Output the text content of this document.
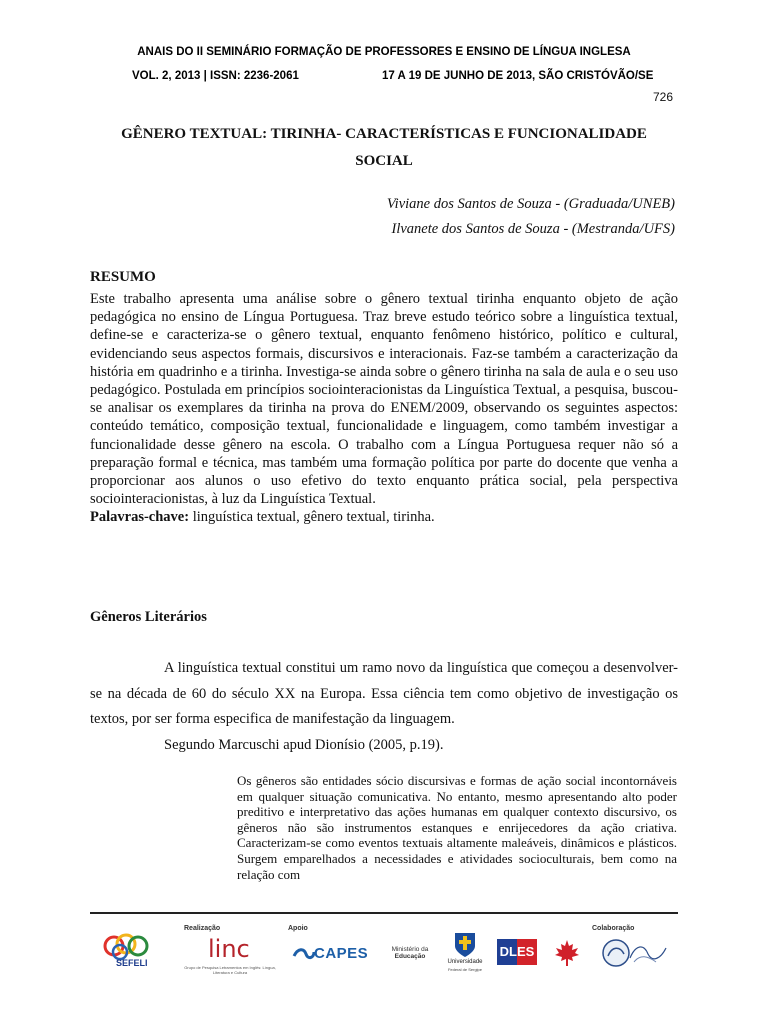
ANAIS DO II SEMINÁRIO FORMAÇÃO DE PROFESSORES E ENSINO DE LÍNGUA INGLESA
VOL. 2, 2013 | ISSN: 2236-2061	17 A 19 DE JUNHO DE 2013, SÃO CRISTÓVÃO/SE
726
GÊNERO TEXTUAL: TIRINHA- CARACTERÍSTICAS E FUNCIONALIDADE
SOCIAL
Viviane dos Santos de Souza - (Graduada/UNEB)
Ilvanete dos Santos de Souza - (Mestranda/UFS)
RESUMO
Este trabalho apresenta uma análise sobre o gênero textual tirinha enquanto objeto de ação pedagógica no ensino de Língua Portuguesa. Traz breve estudo teórico sobre a linguística textual, define-se e caracteriza-se o gênero textual, enquanto fenômeno histórico, político e cultural, evidenciando seus aspectos formais, discursivos e interacionais. Faz-se também a caracterização da história em quadrinho e a tirinha. Investiga-se ainda sobre o gênero tirinha na sala de aula e o seu uso pedagógico. Postulada em princípios sociointeracionistas da Linguística Textual, a pesquisa, buscou-se analisar os exemplares da tirinha na prova do ENEM/2009, observando os seguintes aspectos: conteúdo temático, composição textual, funcionalidade e linguagem, como também investigar a funcionalidade desse gênero na escola. O trabalho com a Língua Portuguesa requer não só a preparação formal e técnica, mas também uma formação política por parte do docente que venha a proporcionar aos alunos o uso efetivo do texto enquanto prática social, pela perspectiva sociointeracionistas, à luz da Linguística Textual.
Palavras-chave: linguística textual, gênero textual, tirinha.
Gêneros Literários
A linguística textual constitui um ramo novo da linguística que começou a desenvolver-se na década de 60 do século XX na Europa. Essa ciência tem como objetivo de investigação os textos, por ser forma especifica de manifestação da linguagem.
Segundo Marcuschi apud Dionísio (2005, p.19).
Os gêneros são entidades sócio discursivas e formas de ação social incontornáveis em qualquer situação comunicativa. No entanto, mesmo apresentando alto poder preditivo e interpretativo das ações humanas em qualquer contexto discursivo, os gêneros não são instrumentos estanques e enrijecedores da ação criativa. Caracterizam-se como eventos textuais altamente maleáveis, dinâmicos e plásticos. Surgem emparelhados a necessidades e atividades socioculturais, bem como na relação com
Realização	Apoio	Colaboração
SEFELI	linc
Grupo de Pesquisa Letramentos em Inglês: Língua, Literatura e Cultura
CAPES	Ministério da
Educação
Universidade
Federal de Sergipe
DLES
